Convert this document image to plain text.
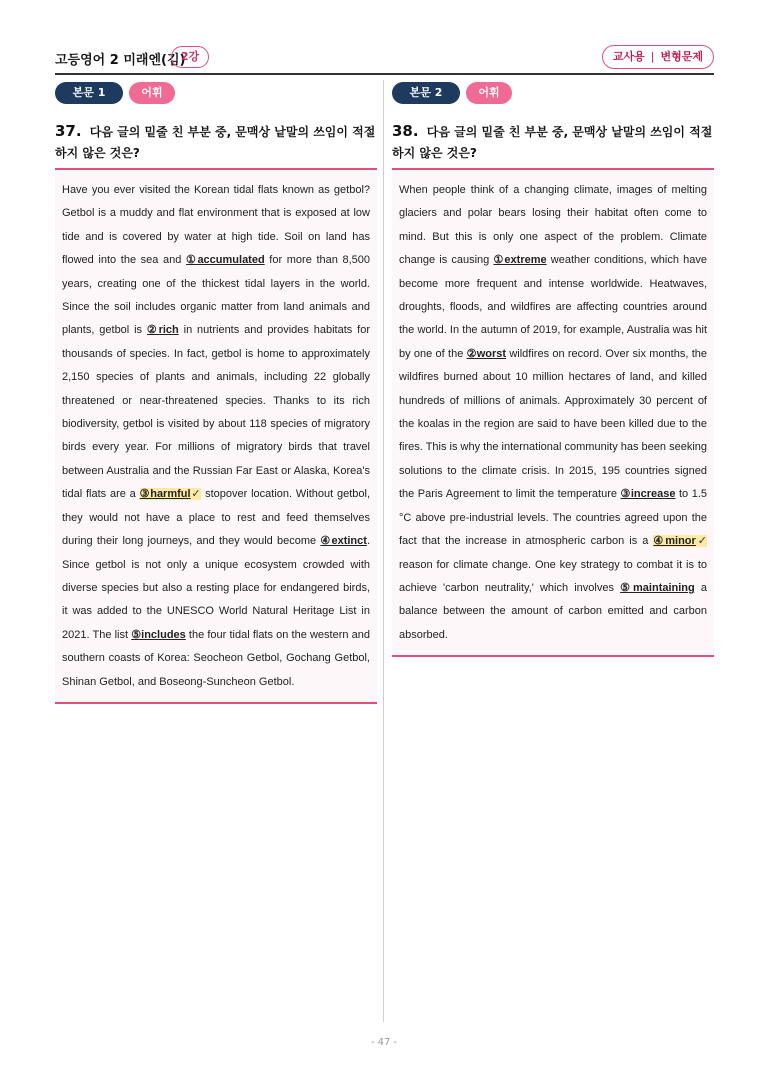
고등영어 2 미래엔(김)
2강	교사용 | 변형문제
본문 1	어휘
37. 다음 글의 밑줄 친 부분 중, 문맥상 낱말의 쓰임이 적절하지 않은 것은?
Have you ever visited the Korean tidal flats known as getbol? Getbol is a muddy and flat environment that is exposed at low tide and is covered by water at high tide. Soil on land has flowed into the sea and ①accumulated for more than 8,500 years, creating one of the thickest tidal layers in the world. Since the soil includes organic matter from land animals and plants, getbol is ②rich in nutrients and provides habitats for thousands of species. In fact, getbol is home to approximately 2,150 species of plants and animals, including 22 globally threatened or near-threatened species. Thanks to its rich biodiversity, getbol is visited by about 118 species of migratory birds every year. For millions of migratory birds that travel between Australia and the Russian Far East or Alaska, Korea's tidal flats are a ③harmful✓ stopover location. Without getbol, they would not have a place to rest and feed themselves during their long journeys, and they would become ④extinct. Since getbol is not only a unique ecosystem crowded with diverse species but also a resting place for endangered birds, it was added to the UNESCO World Natural Heritage List in 2021. The list ⑤includes the four tidal flats on the western and southern coasts of Korea: Seocheon Getbol, Gochang Getbol, Shinan Getbol, and Boseong-Suncheon Getbol.
본문 2	어휘
38. 다음 글의 밑줄 친 부분 중, 문맥상 낱말의 쓰임이 적절하지 않은 것은?
When people think of a changing climate, images of melting glaciers and polar bears losing their habitat often come to mind. But this is only one aspect of the problem. Climate change is causing ①extreme weather conditions, which have become more frequent and intense worldwide. Heatwaves, droughts, floods, and wildfires are affecting countries around the world. In the autumn of 2019, for example, Australia was hit by one of the ②worst wildfires on record. Over six months, the wildfires burned about 10 million hectares of land, and killed hundreds of millions of animals. Approximately 30 percent of the koalas in the region are said to have been killed due to the fires. This is why the international community has been seeking solutions to the climate crisis. In 2015, 195 countries signed the Paris Agreement to limit the temperature ③increase to 1.5 °C above pre-industrial levels. The countries agreed upon the fact that the increase in atmospheric carbon is a ④minor✓ reason for climate change. One key strategy to combat it is to achieve 'carbon neutrality,' which involves ⑤maintaining a balance between the amount of carbon emitted and carbon absorbed.
- 47 -
